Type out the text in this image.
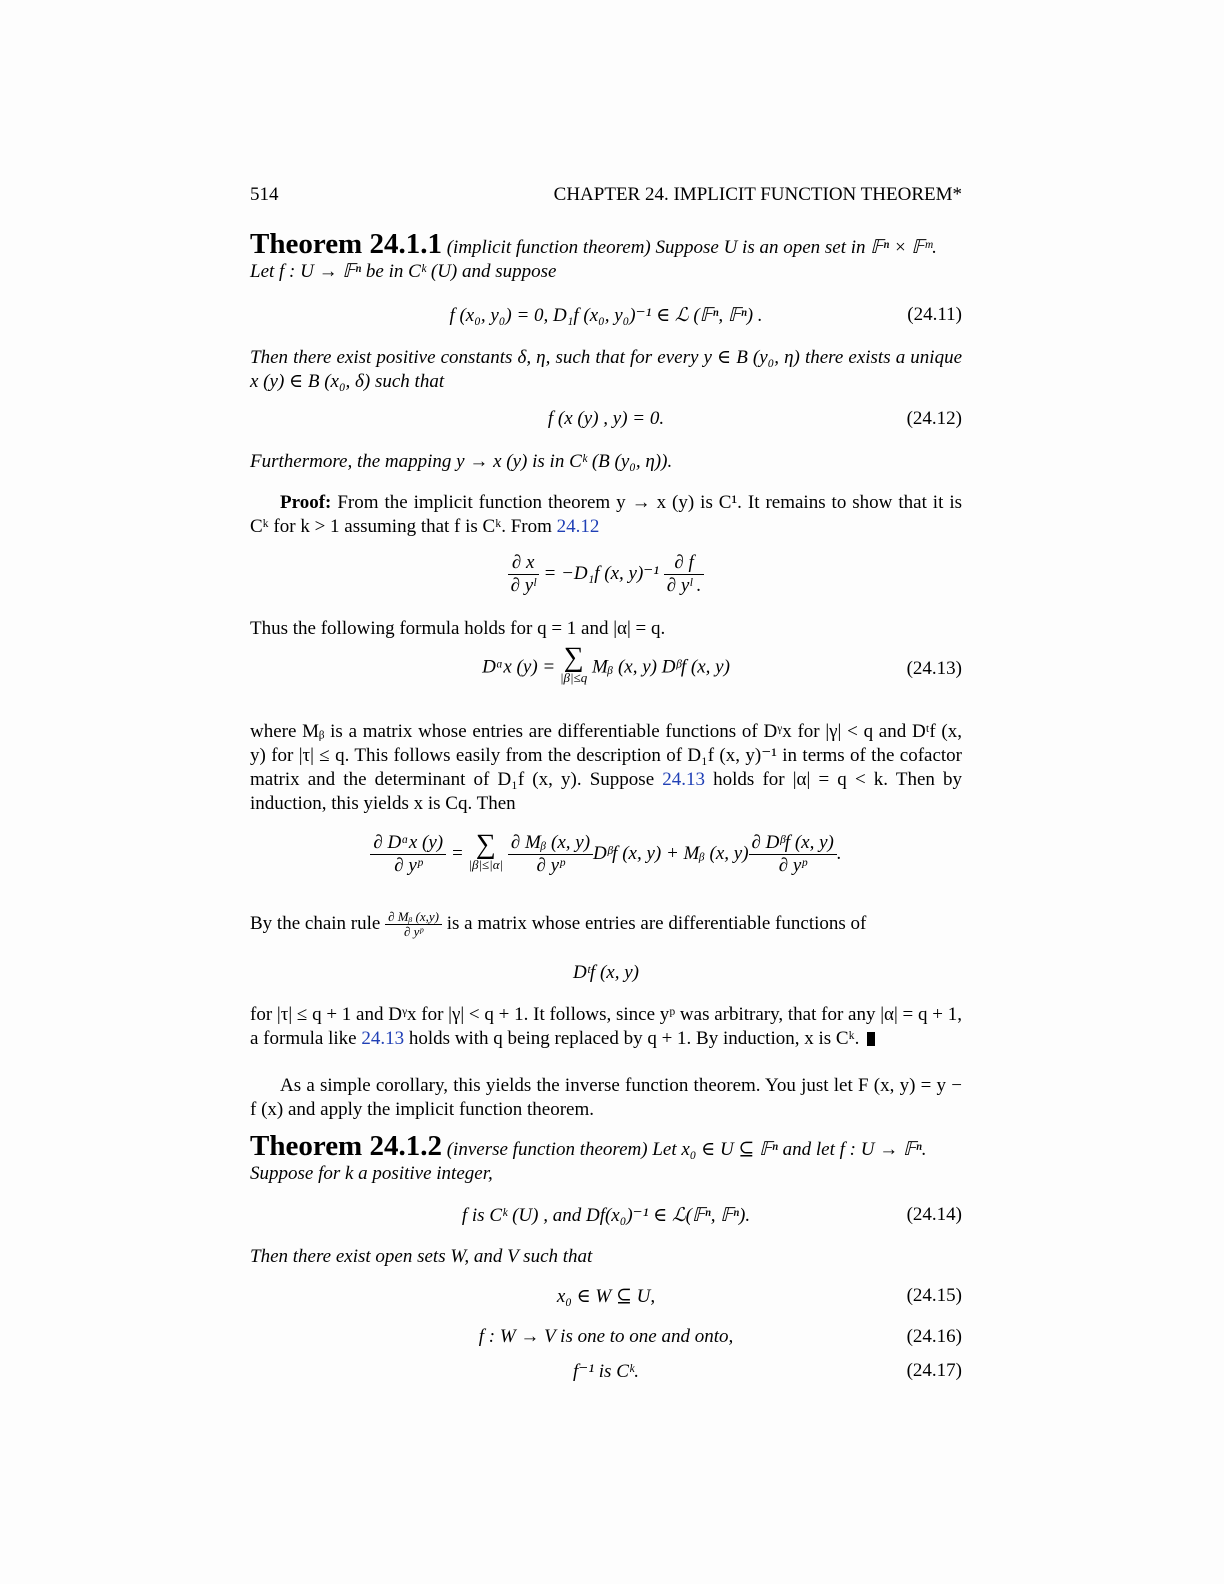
514	CHAPTER 24. IMPLICIT FUNCTION THEOREM*
Theorem 24.1.1 (implicit function theorem) Suppose U is an open set in 𝔽ⁿ × 𝔽ᵐ.
Let f : U → 𝔽ⁿ be in Cᵏ (U) and suppose
f (x₀, y₀) = 0, D₁f (x₀, y₀)⁻¹ ∈ ℒ (𝔽ⁿ, 𝔽ⁿ) .	(24.11)
Then there exist positive constants δ, η, such that for every y ∈ B (y₀, η) there exists a unique x (y) ∈ B (x₀, δ) such that
f (x (y) , y) = 0.	(24.12)
Furthermore, the mapping y → x (y) is in Cᵏ (B (y₀, η)).
Proof: From the implicit function theorem y → x (y) is C¹. It remains to show that it is Cᵏ for k > 1 assuming that f is Cᵏ. From 24.12
$\frac{\partial x}{\text{∂ yˡ}} = -D_1f$ (x, $y)^{-1} \frac{\partial f}{\text{∂ yˡ .}}$
Thus the following formula holds for q = 1 and |α| = q.
Dᵅx (y) = ∑
|β|≤q
Mᵦ (x, y) Dᵝf (x, y)	(24.13)
where Mᵦ is a matrix whose entries are differentiable functions of Dᵞx for |γ| < q and Dᵗf (x, y) for |τ| ≤ q. This follows easily from the description of D₁f (x, y)⁻¹ in terms of the cofactor matrix and the determinant of D₁f (x, y). Suppose 24.13 holds for |α| = q < k. Then by induction, this yields x is Cq. Then
$\frac{\text{∂ Dᵅx (y)}}{\text{∂ yᵖ}}$ = ∑
|β|≤|α|
$\frac{\text{∂ Mᵦ (x, y)}}{\text{∂ yᵖ}}$ Dᵝf (x, y) + Mᵦ (x, $y) \frac{\text{∂ Dᵝf (x, y)}}{\text{∂ yᵖ}}$ .
By the chain rule $\frac{\text{∂ Mᵦ (x,y)}}{\text{∂ yᵖ}}$ is a matrix whose entries are differentiable functions of
Dᵗf (x, y)
for |τ| ≤ q + 1 and Dᵞx for |γ| < q + 1. It follows, since yᵖ was arbitrary, that for any |α| = q + 1, a formula like 24.13 holds with q being replaced by q + 1. By induction, x is Cᵏ.
As a simple corollary, this yields the inverse function theorem. You just let F (x, y) = y − f (x) and apply the implicit function theorem.
Theorem 24.1.2 (inverse function theorem) Let x₀ ∈ U ⊆ 𝔽ⁿ and let f : U → 𝔽ⁿ.
Suppose for k a positive integer,
f is Cᵏ (U) , and Df(x₀)⁻¹ ∈ ℒ(𝔽ⁿ, 𝔽ⁿ).	(24.14)
Then there exist open sets W, and V such that
x₀ ∈ W ⊆ U,	(24.15)
f : W → V is one to one and onto,	(24.16)
f⁻¹ is Cᵏ.	(24.17)
